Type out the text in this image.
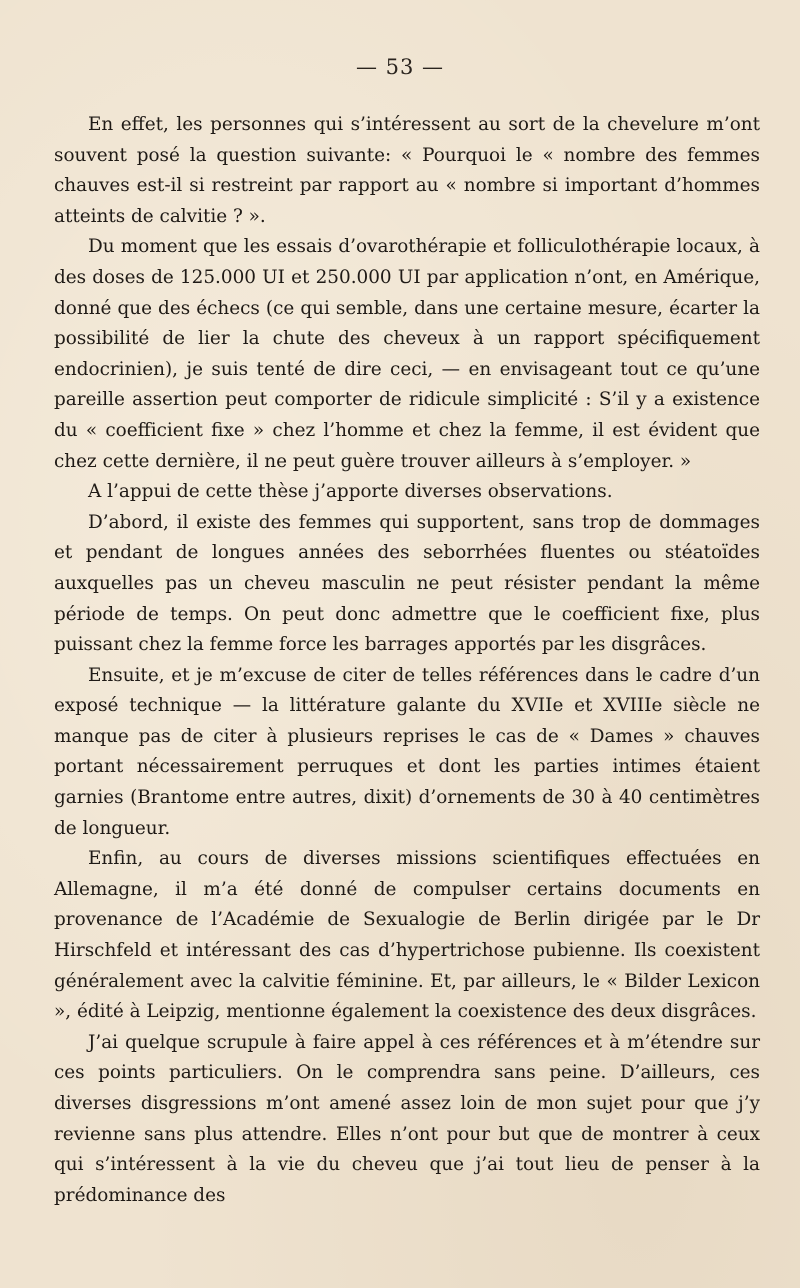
— 53 —

En effet, les personnes qui s’intéressent au sort de la chevelure m’ont souvent posé la question suivante: « Pourquoi le « nombre des femmes chauves est-il si restreint par rapport au « nombre si important d’hommes atteints de calvitie ? ».

Du moment que les essais d’ovarothérapie et folliculothérapie locaux, à des doses de 125.000 UI et 250.000 UI par application n’ont, en Amérique, donné que des échecs (ce qui semble, dans une certaine mesure, écarter la possibilité de lier la chute des cheveux à un rapport spécifiquement endocrinien), je suis tenté de dire ceci, — en envisageant tout ce qu’une pareille assertion peut comporter de ridicule simplicité : S’il y a existence du « coefficient fixe » chez l’homme et chez la femme, il est évident que chez cette dernière, il ne peut guère trouver ailleurs à s’employer. »

A l’appui de cette thèse j’apporte diverses observations.

D’abord, il existe des femmes qui supportent, sans trop de dommages et pendant de longues années des seborrhées fluentes ou stéatoïdes auxquelles pas un cheveu masculin ne peut résister pendant la même période de temps. On peut donc admettre que le coefficient fixe, plus puissant chez la femme force les barrages apportés par les disgrâces.

Ensuite, et je m’excuse de citer de telles références dans le cadre d’un exposé technique — la littérature galante du XVIIe et XVIIIe siècle ne manque pas de citer à plusieurs reprises le cas de « Dames » chauves portant nécessairement perruques et dont les parties intimes étaient garnies (Brantome entre autres, dixit) d’ornements de 30 à 40 centimètres de longueur.

Enfin, au cours de diverses missions scientifiques effectuées en Allemagne, il m’a été donné de compulser certains documents en provenance de l’Académie de Sexualogie de Berlin dirigée par le Dr Hirschfeld et intéressant des cas d’hypertrichose pubienne. Ils coexistent généralement avec la calvitie féminine. Et, par ailleurs, le « Bilder Lexicon », édité à Leipzig, mentionne également la coexistence des deux disgrâces.

J’ai quelque scrupule à faire appel à ces références et à m’étendre sur ces points particuliers. On le comprendra sans peine. D’ailleurs, ces diverses disgressions m’ont amené assez loin de mon sujet pour que j’y revienne sans plus attendre. Elles n’ont pour but que de montrer à ceux qui s’intéressent à la vie du cheveu que j’ai tout lieu de penser à la prédominance des
